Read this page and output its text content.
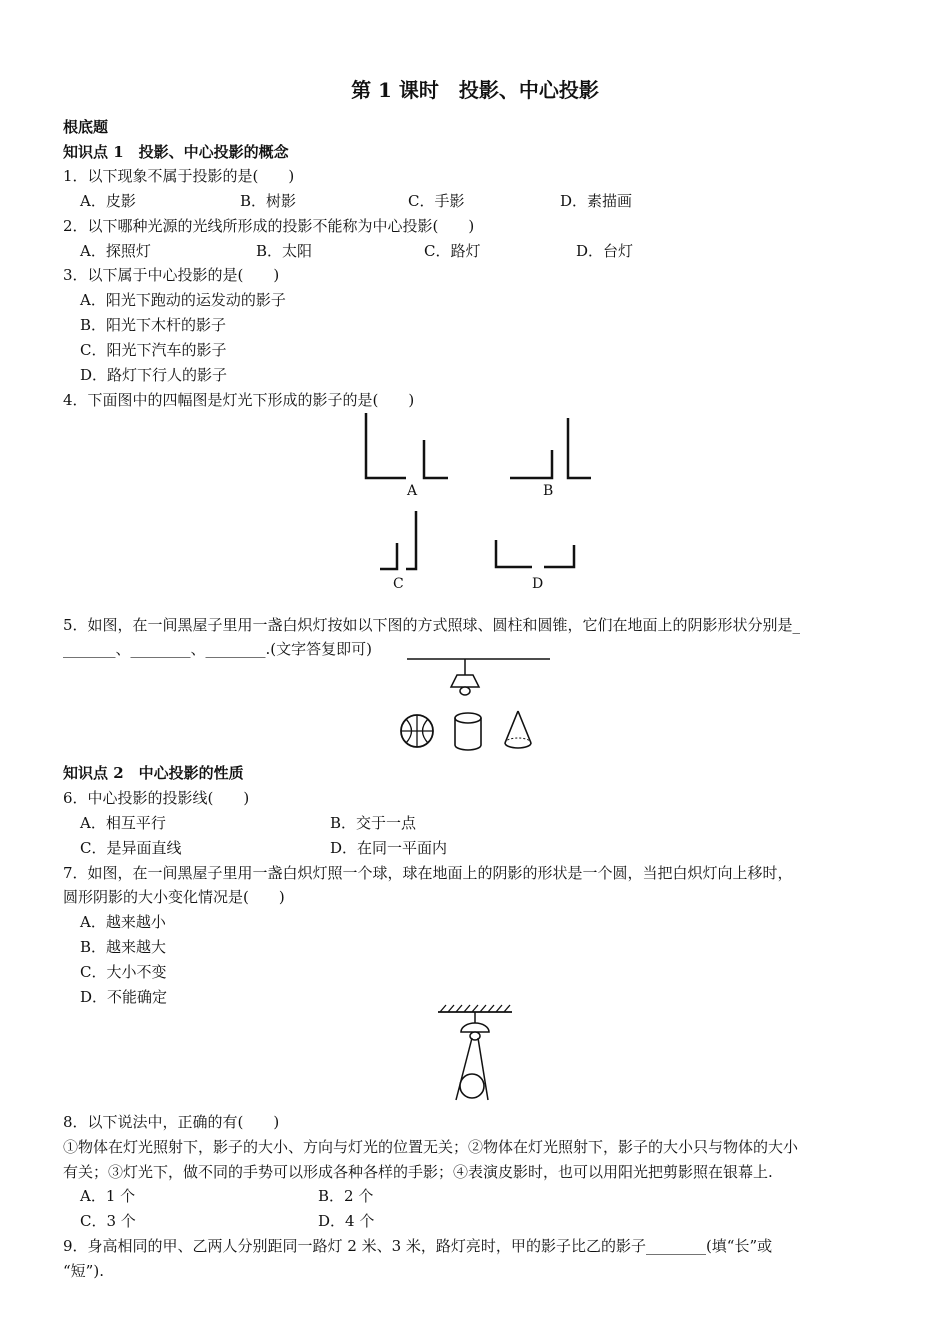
第 1 课时　投影、中心投影
根底题
知识点 1　投影、中心投影的概念
1．以下现象不属于投影的是(　　)
A．皮影	B．树影	C．手影	D．素描画
2．以下哪种光源的光线所形成的投影不能称为中心投影(　　)
A．探照灯	B．太阳	C．路灯	D．台灯
3．以下属于中心投影的是(　　)
A．阳光下跑动的运发动的影子
B．阳光下木杆的影子
C．阳光下汽车的影子
D．路灯下行人的影子
4．下面图中的四幅图是灯光下形成的影子的是(　　)
A	B
C	D
5．如图，在一间黑屋子里用一盏白炽灯按如以下图的方式照球、圆柱和圆锥，它们在地面上的阴影形状分别是_
_______、________、________.(文字答复即可)
知识点 2　中心投影的性质
6．中心投影的投影线(　　)
A．相互平行	B．交于一点
C．是异面直线	D．在同一平面内
7．如图，在一间黑屋子里用一盏白炽灯照一个球，球在地面上的阴影的形状是一个圆，当把白炽灯向上移时，
圆形阴影的大小变化情况是(　　)
A．越来越小
B．越来越大
C．大小不变
D．不能确定
8．以下说法中，正确的有(　　)
①物体在灯光照射下，影子的大小、方向与灯光的位置无关；②物体在灯光照射下，影子的大小只与物体的大小
有关；③灯光下，做不同的手势可以形成各种各样的手影；④表演皮影时，也可以用阳光把剪影照在银幕上.
A．1 个	B．2 个
C．3 个	D．4 个
9．身高相同的甲、乙两人分别距同一路灯 2 米、3 米，路灯亮时，甲的影子比乙的影子________(填“长”或
“短”).
